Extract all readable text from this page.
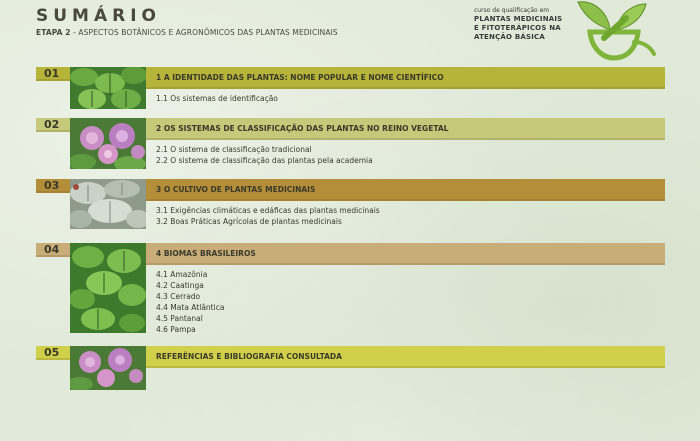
SUMÁRIO
ETAPA 2 - ASPECTOS BOTÂNICOS E AGRONÔMICOS DAS PLANTAS MEDICINAIS
curso de qualificação em
PLANTAS MEDICINAIS
E FITOTERÁPICOS NA
ATENÇÃO BÁSICA
01	1 A IDENTIDADE DAS PLANTAS: NOME POPULAR E NOME CIENTÍFICO
1.1 Os sistemas de identificação
02	2 OS SISTEMAS DE CLASSIFICAÇÃO DAS PLANTAS NO REINO VEGETAL
2.1 O sistema de classificação tradicional
2.2 O sistema de classificação das plantas pela academia
03	3 O CULTIVO DE PLANTAS MEDICINAIS
3.1 Exigências climáticas e edáficas das plantas medicinais
3.2 Boas Práticas Agrícolas de plantas medicinais
04	4 BIOMAS BRASILEIROS
4.1 Amazônia
4.2 Caatinga
4.3 Cerrado
4.4 Mata Atlântica
4.5 Pantanal
4.6 Pampa
05	REFERÊNCIAS E BIBLIOGRAFIA CONSULTADA
